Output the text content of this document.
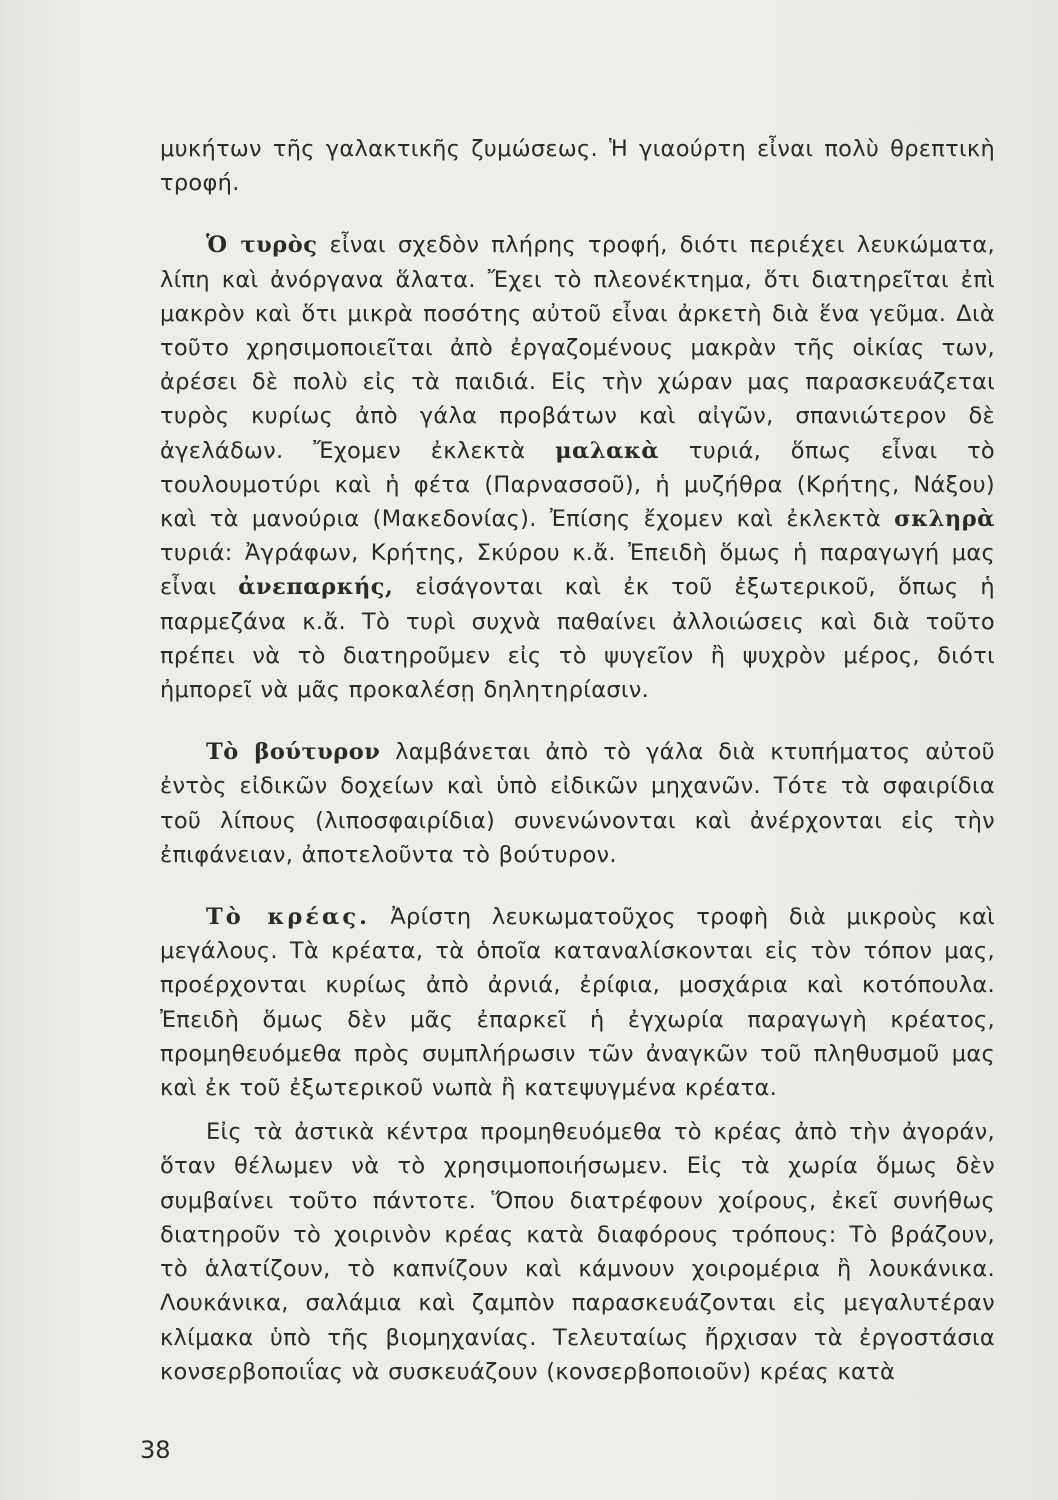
μυκήτων τῆς γαλακτικῆς ζυμώσεως. Ἡ γιαούρτη εἶναι πολὺ θρεπτικὴ τροφή.

Ὁ τυρὸς εἶναι σχεδὸν πλήρης τροφή, διότι περιέχει λευκώματα, λίπη καὶ ἀνόργανα ἅλατα. Ἔχει τὸ πλεονέκτημα, ὅτι διατηρεῖται ἐπὶ μακρὸν καὶ ὅτι μικρὰ ποσότης αὐτοῦ εἶναι ἀρκετὴ διὰ ἕνα γεῦμα. Διὰ τοῦτο χρησιμοποιεῖται ἀπὸ ἐργαζομένους μακρὰν τῆς οἰκίας των, ἀρέσει δὲ πολὺ εἰς τὰ παιδιά. Εἰς τὴν χώραν μας παρασκευάζεται τυρὸς κυρίως ἀπὸ γάλα προβάτων καὶ αἰγῶν, σπανιώτερον δὲ ἀγελάδων. Ἔχομεν ἐκλεκτὰ μαλακὰ τυριά, ὅπως εἶναι τὸ τουλουμοτύρι καὶ ἡ φέτα (Παρνασσοῦ), ἡ μυζήθρα (Κρήτης, Νάξου) καὶ τὰ μανούρια (Μακεδονίας). Ἐπίσης ἔχομεν καὶ ἐκλεκτὰ σκληρὰ τυριά: Ἀγράφων, Κρήτης, Σκύρου κ.ἄ. Ἐπειδὴ ὅμως ἡ παραγωγή μας εἶναι ἀνεπαρκής, εἰσάγονται καὶ ἐκ τοῦ ἐξωτερικοῦ, ὅπως ἡ παρμεζάνα κ.ἄ. Τὸ τυρὶ συχνὰ παθαίνει ἀλλοιώσεις καὶ διὰ τοῦτο πρέπει νὰ τὸ διατηροῦμεν εἰς τὸ ψυγεῖον ἢ ψυχρὸν μέρος, διότι ἠμπορεῖ νὰ μᾶς προκαλέσῃ δηλητηρίασιν.

Τὸ βούτυρον λαμβάνεται ἀπὸ τὸ γάλα διὰ κτυπήματος αὐτοῦ ἐντὸς εἰδικῶν δοχείων καὶ ὑπὸ εἰδικῶν μηχανῶν. Τότε τὰ σφαιρίδια τοῦ λίπους (λιποσφαιρίδια) συνενώνονται καὶ ἀνέρχονται εἰς τὴν ἐπιφάνειαν, ἀποτελοῦντα τὸ βούτυρον.

Τὸ κρέας. Ἀρίστη λευκωματοῦχος τροφὴ διὰ μικροὺς καὶ μεγάλους. Τὰ κρέατα, τὰ ὁποῖα καταναλίσκονται εἰς τὸν τόπον μας, προέρχονται κυρίως ἀπὸ ἀρνιά, ἐρίφια, μοσχάρια καὶ κοτόπουλα. Ἐπειδὴ ὅμως δὲν μᾶς ἐπαρκεῖ ἡ ἐγχωρία παραγωγὴ κρέατος, προμηθευόμεθα πρὸς συμπλήρωσιν τῶν ἀναγκῶν τοῦ πληθυσμοῦ μας καὶ ἐκ τοῦ ἐξωτερικοῦ νωπὰ ἢ κατεψυγμένα κρέατα.

Εἰς τὰ ἀστικὰ κέντρα προμηθευόμεθα τὸ κρέας ἀπὸ τὴν ἀγοράν, ὅταν θέλωμεν νὰ τὸ χρησιμοποιήσωμεν. Εἰς τὰ χωρία ὅμως δὲν συμβαίνει τοῦτο πάντοτε. Ὅπου διατρέφουν χοίρους, ἐκεῖ συνήθως διατηροῦν τὸ χοιρινὸν κρέας κατὰ διαφόρους τρόπους: Τὸ βράζουν, τὸ ἁλατίζουν, τὸ καπνίζουν καὶ κάμνουν χοιρομέρια ἢ λουκάνικα. Λουκάνικα, σαλάμια καὶ ζαμπὸν παρασκευάζονται εἰς μεγαλυτέραν κλίμακα ὑπὸ τῆς βιομηχανίας. Τελευταίως ἤρχισαν τὰ ἐργοστάσια κονσερβοποιΐας νὰ συσκευάζουν (κονσερβοποιοῦν) κρέας κατὰ

38
